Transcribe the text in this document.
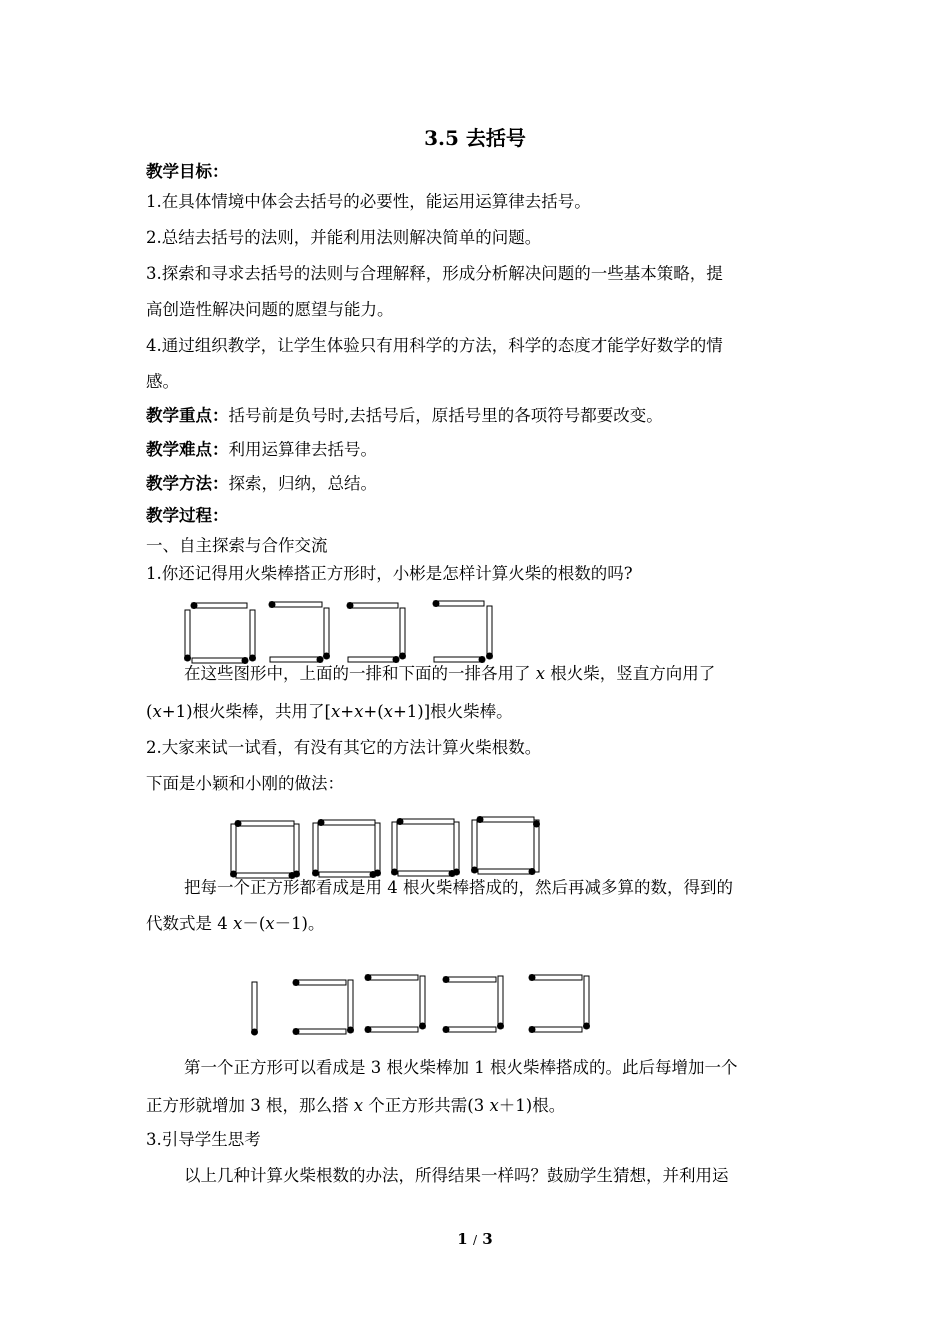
3.5 去括号
教学目标：
1.在具体情境中体会去括号的必要性，能运用运算律去括号。
2.总结去括号的法则，并能利用法则解决简单的问题。
3.探索和寻求去括号的法则与合理解释，形成分析解决问题的一些基本策略，提
高创造性解决问题的愿望与能力。
4.通过组织教学，让学生体验只有用科学的方法，科学的态度才能学好数学的情
感。
教学重点：括号前是负号时,去括号后，原括号里的各项符号都要改变。
教学难点：利用运算律去括号。
教学方法：探索，归纳，总结。
教学过程：
一、自主探索与合作交流
1.你还记得用火柴棒搭正方形时，小彬是怎样计算火柴的根数的吗?
在这些图形中，上面的一排和下面的一排各用了 x 根火柴，竖直方向用了
(x+1)根火柴棒，共用了[x+x+(x+1)]根火柴棒。
2.大家来试一试看，有没有其它的方法计算火柴根数。
下面是小颖和小刚的做法：
把每一个正方形都看成是用 4 根火柴棒搭成的，然后再减多算的数，得到的
代数式是 4 x－(x－1)。
第一个正方形可以看成是 3 根火柴棒加 1 根火柴棒搭成的。此后每增加一个
正方形就增加 3 根，那么搭 x 个正方形共需(3 x＋1)根。
3.引导学生思考
以上几种计算火柴根数的办法，所得结果一样吗？鼓励学生猜想，并利用运
1 / 3
